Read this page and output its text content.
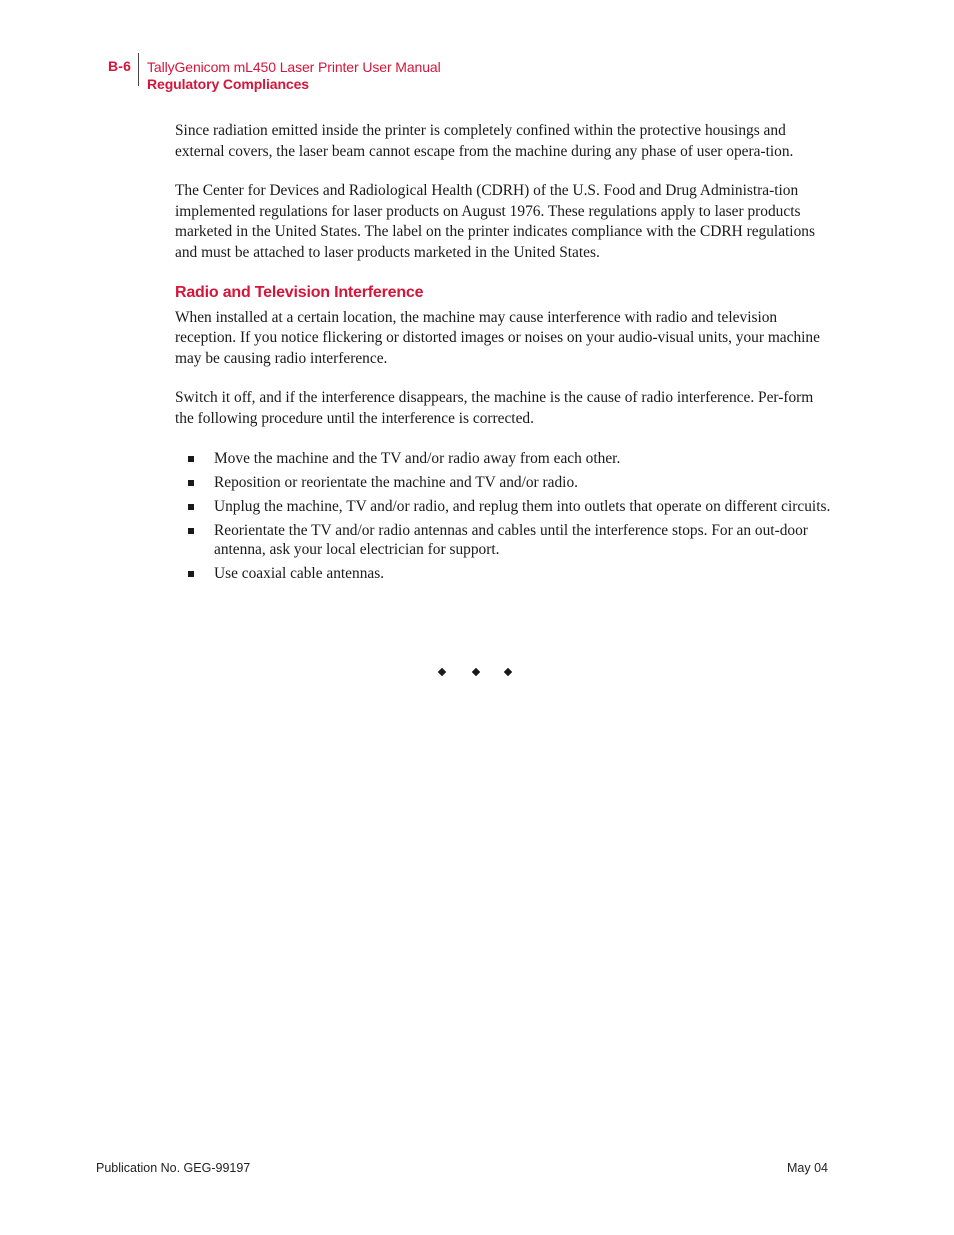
B-6 TallyGenicom mL450 Laser Printer User Manual
Regulatory Compliances

Since radiation emitted inside the printer is completely confined within the protective housings and external covers, the laser beam cannot escape from the machine during any phase of user opera-tion.

The Center for Devices and Radiological Health (CDRH) of the U.S. Food and Drug Administra-tion implemented regulations for laser products on August 1976. These regulations apply to laser products marketed in the United States. The label on the printer indicates compliance with the CDRH regulations and must be attached to laser products marketed in the United States.

Radio and Television Interference

When installed at a certain location, the machine may cause interference with radio and television reception. If you notice flickering or distorted images or noises on your audio-visual units, your machine may be causing radio interference.

Switch it off, and if the interference disappears, the machine is the cause of radio interference. Per-form the following procedure until the interference is corrected.

Move the machine and the TV and/or radio away from each other.
Reposition or reorientate the machine and TV and/or radio.
Unplug the machine, TV and/or radio, and replug them into outlets that operate on different circuits.
Reorientate the TV and/or radio antennas and cables until the interference stops. For an out-door antenna, ask your local electrician for support.
Use coaxial cable antennas.
Publication No. GEG-99197	May 04
